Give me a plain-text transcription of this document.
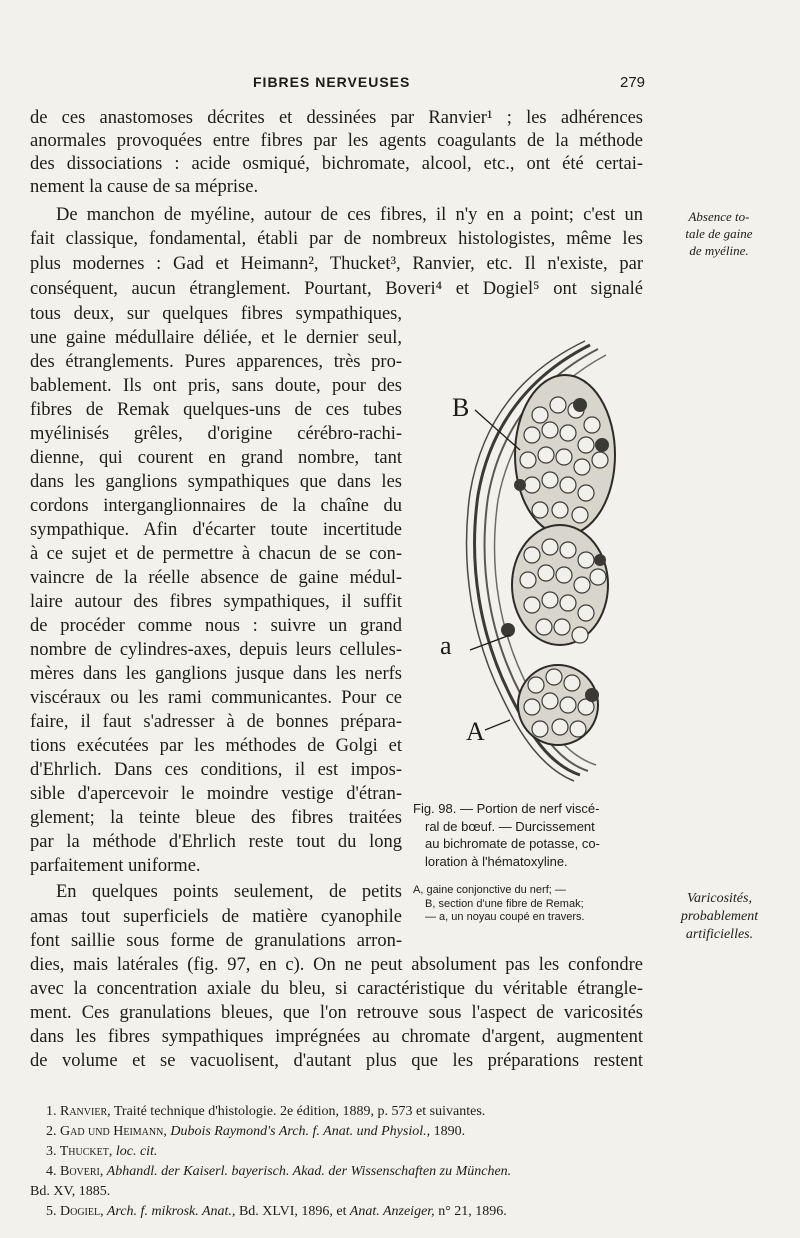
FIBRES NERVEUSES	279
de ces anastomoses décrites et dessinées par Ranvier¹ ; les adhérences
anormales provoquées entre fibres par les agents coagulants de la méthode
des dissociations : acide osmiqué, bichromate, alcool, etc., ont été certai-
nement la cause de sa méprise.
De manchon de myéline, autour de ces fibres, il n'y en a point; c'est un
fait classique, fondamental, établi par de nombreux histologistes, même les
plus modernes : Gad et Heimann², Thucket³, Ranvier, etc. Il n'existe, par
conséquent, aucun étranglement. Pourtant, Boveri⁴ et Dogiel⁵ ont signalé
tous deux, sur quelques fibres sympathiques,
une gaine médullaire déliée, et le dernier seul,
des étranglements. Pures apparences, très pro-
bablement. Ils ont pris, sans doute, pour des
fibres de Remak quelques-uns de ces tubes
myélinisés grêles, d'origine cérébro-rachi-
dienne, qui courent en grand nombre, tant
dans les ganglions sympathiques que dans les
cordons interganglionnaires de la chaîne du
sympathique. Afin d'écarter toute incertitude
à ce sujet et de permettre à chacun de se con-
vaincre de la réelle absence de gaine médul-
laire autour des fibres sympathiques, il suffit
de procéder comme nous : suivre un grand
nombre de cylindres-axes, depuis leurs cellules-
mères dans les ganglions jusque dans les nerfs
viscéraux ou les rami communicantes. Pour ce
faire, il faut s'adresser à de bonnes prépara-
tions exécutées par les méthodes de Golgi et
d'Ehrlich. Dans ces conditions, il est impos-
sible d'apercevoir le moindre vestige d'étran-
glement; la teinte bleue des fibres traitées
par la méthode d'Ehrlich reste tout du long
parfaitement uniforme.
En quelques points seulement, de petits
amas tout superficiels de matière cyanophile
font saillie sous forme de granulations arron-
dies, mais latérales (fig. 97, en c). On ne peut absolument pas les confondre
avec la concentration axiale du bleu, si caractéristique du véritable étrangle-
ment. Ces granulations bleues, que l'on retrouve sous l'aspect de varicosités
dans les fibres sympathiques imprégnées au chromate d'argent, augmentent
de volume et se vacuolisent, d'autant plus que les préparations restent
Absence to-
tale de gaine
de myéline.
Varicosités,
probablement
artificielles.
B
a
A
Fig. 98. — Portion de nerf viscé-
ral de bœuf. — Durcissement
au bichromate de potasse, co-
loration à l'hématoxyline.
A, gaine conjonctive du nerf; —
B, section d'une fibre de Remak;
— a, un noyau coupé en travers.
1. Ranvier, Traité technique d'histologie. 2e édition, 1889, p. 573 et suivantes.
2. Gad und Heimann, Dubois Raymond's Arch. f. Anat. und Physiol., 1890.
3. Thucket, loc. cit.
4. Boveri, Abhandl. der Kaiserl. bayerisch. Akad. der Wissenschaften zu München.
Bd. XV, 1885.
5. Dogiel, Arch. f. mikrosk. Anat., Bd. XLVI, 1896, et Anat. Anzeiger, n° 21, 1896.
